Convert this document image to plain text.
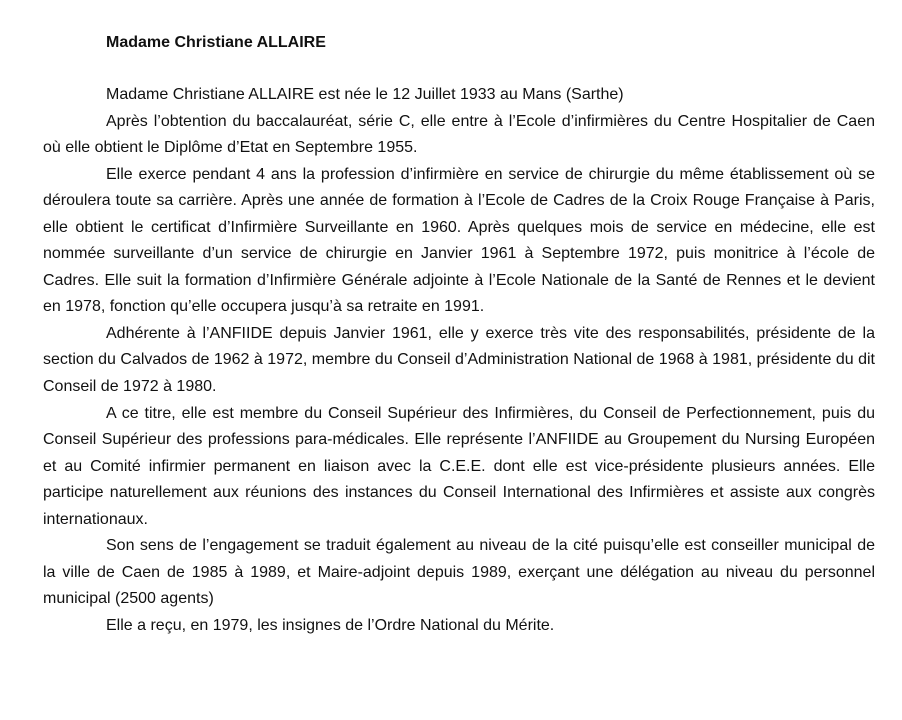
Madame Christiane ALLAIRE

Madame Christiane ALLAIRE est née le 12 Juillet 1933 au Mans (Sarthe)

Après l’obtention du baccalauréat, série C, elle entre à l’Ecole d’infirmières du Centre Hospitalier de Caen où elle obtient le Diplôme d’Etat en Septembre 1955.

Elle exerce pendant 4 ans la profession d’infirmière en service de chirurgie du même établissement où se déroulera toute sa carrière. Après une année de formation à l’Ecole de Cadres de la Croix Rouge Française à Paris, elle obtient le certificat d’Infirmière Surveillante en 1960. Après quelques mois de service en médecine, elle est nommée surveillante d’un service de chirurgie en Janvier 1961 à Septembre 1972, puis monitrice à l’école de Cadres. Elle suit la formation d’Infirmière Générale adjointe à l’Ecole Nationale de la Santé de Rennes et le devient en 1978, fonction qu’elle occupera jusqu’à sa retraite en 1991.

Adhérente à l’ANFIIDE depuis Janvier 1961, elle y exerce très vite des responsabilités, présidente de la section du Calvados de 1962 à 1972, membre du Conseil d’Administration National de 1968 à 1981, présidente du dit Conseil de 1972 à 1980.

A ce titre, elle est membre du Conseil Supérieur des Infirmières, du Conseil de Perfectionnement, puis du Conseil Supérieur des professions para-médicales. Elle représente l’ANFIIDE au Groupement du Nursing Européen et au Comité infirmier permanent en liaison avec la C.E.E. dont elle est vice-présidente plusieurs années. Elle participe naturellement aux réunions des instances du Conseil International des Infirmières et assiste aux congrès internationaux.

Son sens de l’engagement se traduit également au niveau de la cité puisqu’elle est conseiller municipal de la ville de Caen de 1985 à 1989, et Maire-adjoint depuis 1989, exerçant une délégation au niveau du personnel municipal (2500 agents)

Elle a reçu, en 1979, les insignes de l’Ordre National du Mérite.
